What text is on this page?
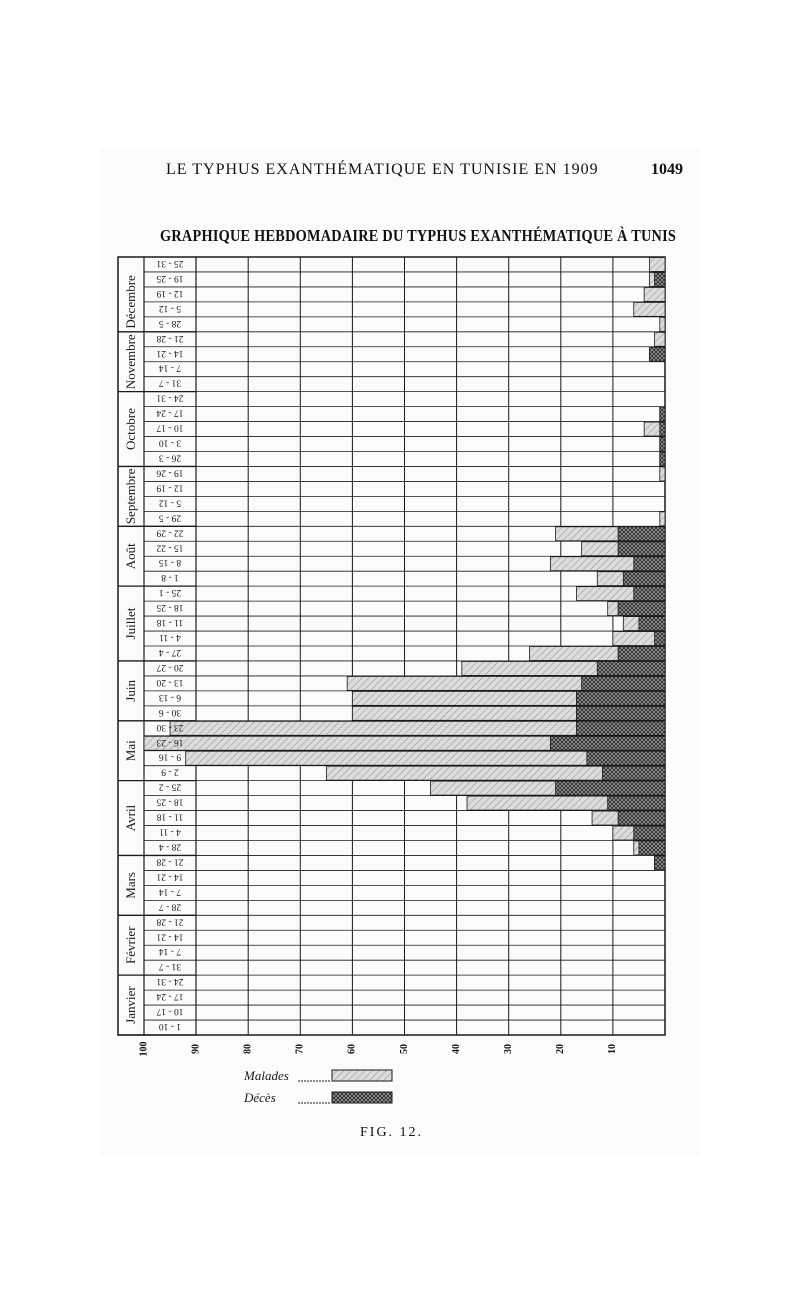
LE TYPHUS EXANTHÉMATIQUE EN TUNISIE EN 1909	1049
GRAPHIQUE HEBDOMADAIRE DU TYPHUS EXANTHÉMATIQUE À TUNIS
Janvier
Février
Mars
Avril
Mai
Juin
Juillet
Août
Septembre
Octobre
Novembre
Décembre
1 - 10
10 - 17
17 - 24
24 - 31
31 - 7
7 - 14
14 - 21
21 - 28
28 - 7
7 - 14
14 - 21
21 - 28
28 - 4
4 - 11
11 - 18
18 - 25
25 - 2
2 - 9
9 - 16
16 - 23
23 - 30
30 - 6
6 - 13
13 - 20
20 - 27
27 - 4
4 - 11
11 - 18
18 - 25
25 - 1
1 - 8
8 - 15
15 - 22
22 - 29
29 - 5
5 - 12
12 - 19
19 - 26
26 - 3
3 - 10
10 - 17
17 - 24
24 - 31
31 - 7
7 - 14
14 - 21
21 - 28
28 - 5
5 - 12
12 - 19
19 - 25
25 - 31
100	90	80	70	60	50	40	30	20	10
Malades
Décès
FIG. 12.
